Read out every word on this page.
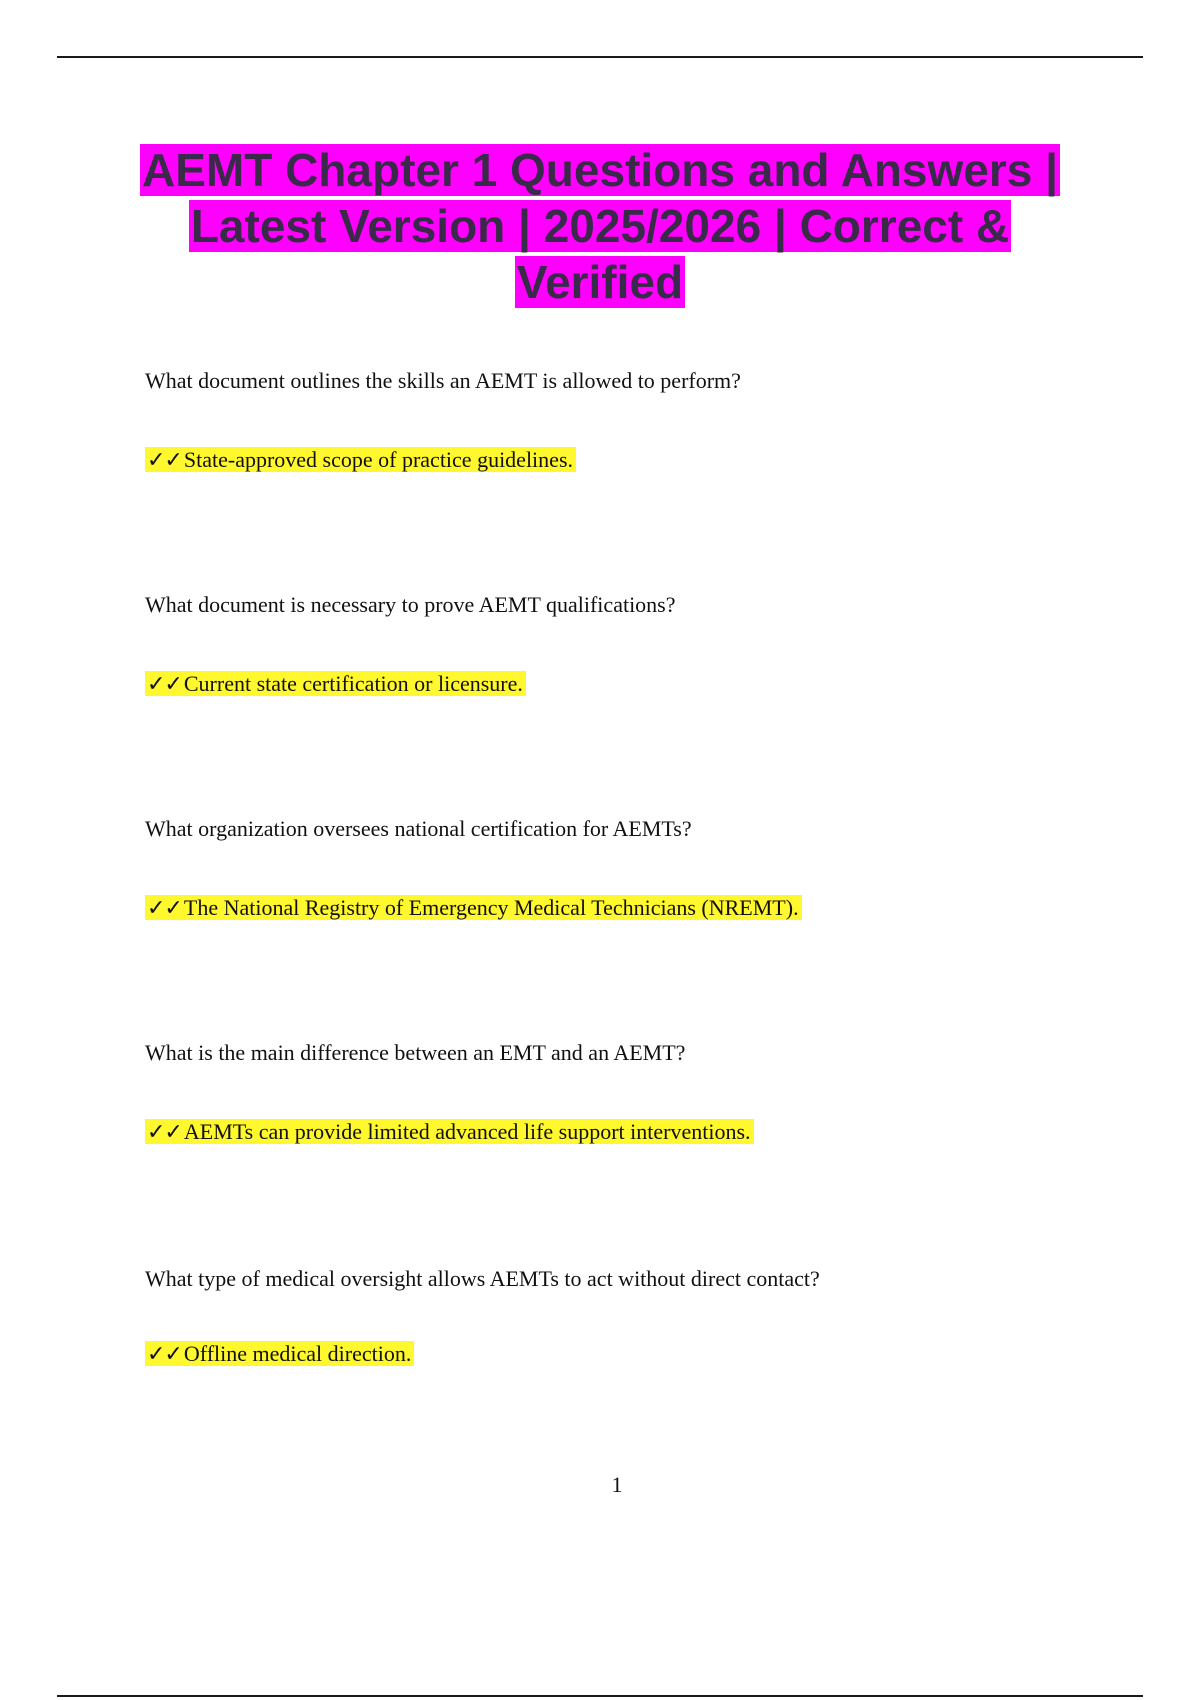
AEMT Chapter 1 Questions and Answers | Latest Version | 2025/2026 | Correct & Verified

What document outlines the skills an AEMT is allowed to perform?

✓✓State-approved scope of practice guidelines.

What document is necessary to prove AEMT qualifications?

✓✓Current state certification or licensure.

What organization oversees national certification for AEMTs?

✓✓The National Registry of Emergency Medical Technicians (NREMT).

What is the main difference between an EMT and an AEMT?

✓✓AEMTs can provide limited advanced life support interventions.

What type of medical oversight allows AEMTs to act without direct contact?

✓✓Offline medical direction.
1
